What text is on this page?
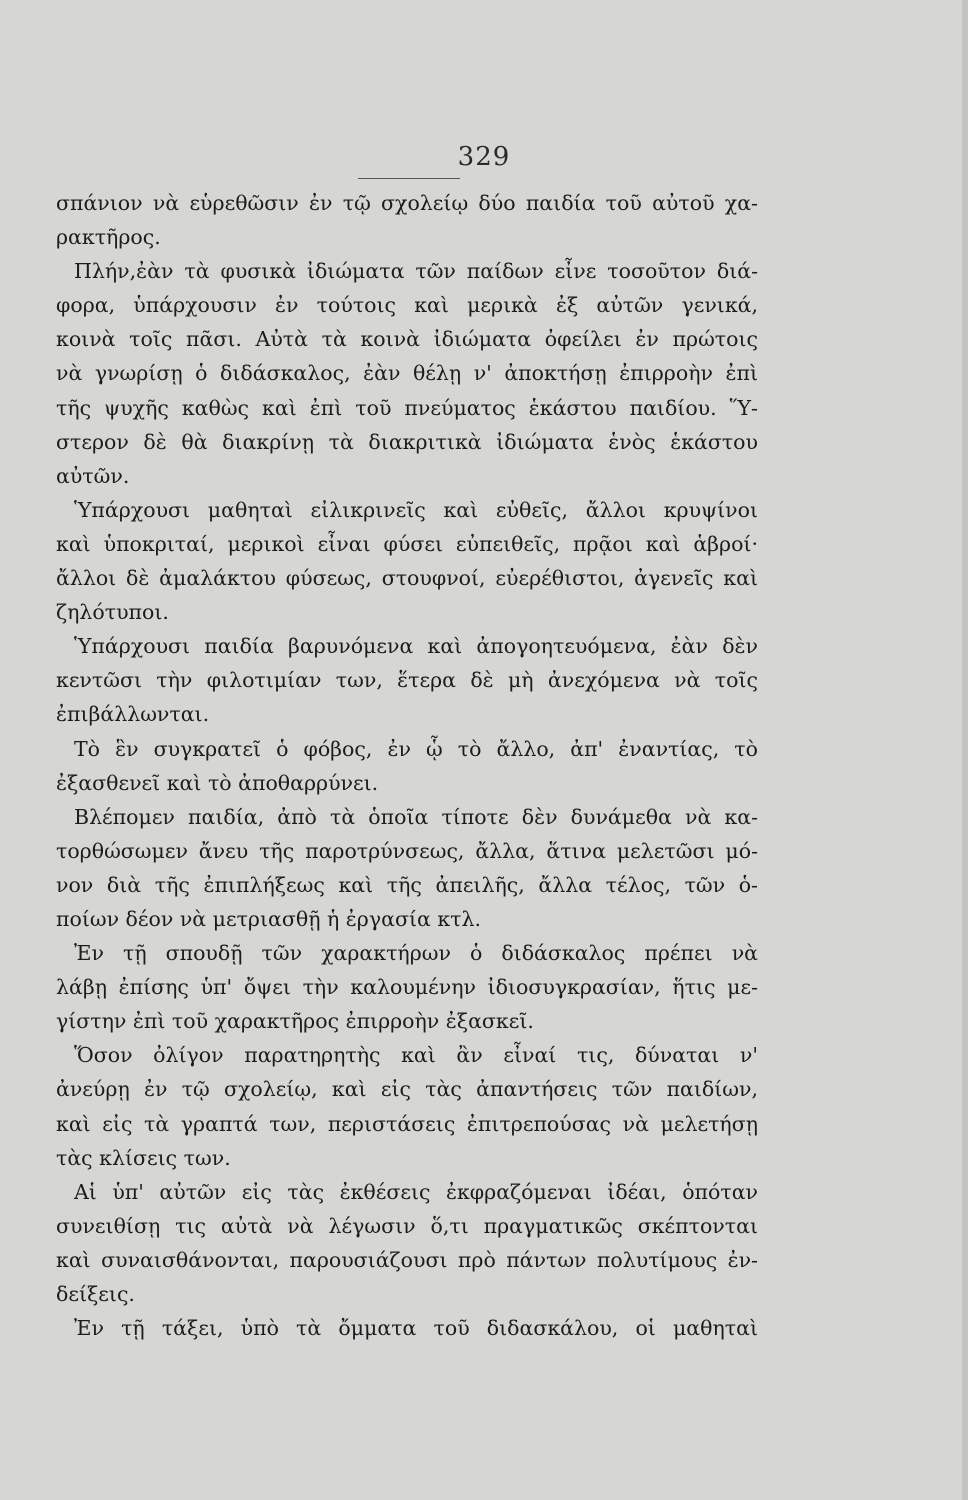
329
σπάνιον νὰ εὑρεθῶσιν ἐν τῷ σχολείῳ δύο παιδία τοῦ αὐτοῦ χα-
ρακτῆρος.
Πλήν,ἐὰν τὰ φυσικὰ ἰδιώματα τῶν παίδων εἶνε τοσοῦτον διά-
φορα, ὑπάρχουσιν ἐν τούτοις καὶ μερικὰ ἐξ αὐτῶν γενικά,
κοινὰ τοῖς πᾶσι. Αὐτὰ τὰ κοινὰ ἰδιώματα ὀφείλει ἐν πρώτοις
νὰ γνωρίσῃ ὁ διδάσκαλος, ἐὰν θέλῃ ν' ἀποκτήσῃ ἐπιρροὴν ἐπὶ
τῆς ψυχῆς καθὼς καὶ ἐπὶ τοῦ πνεύματος ἑκάστου παιδίου. Ὕ-
στερον δὲ θὰ διακρίνῃ τὰ διακριτικὰ ἰδιώματα ἑνὸς ἑκάστου
αὐτῶν.
Ὑπάρχουσι μαθηταὶ εἰλικρινεῖς καὶ εὐθεῖς, ἄλλοι κρυψίνοι
καὶ ὑποκριταί, μερικοὶ εἶναι φύσει εὐπειθεῖς, πρᾷοι καὶ ἁβροί·
ἄλλοι δὲ ἀμαλάκτου φύσεως, στουφνοί, εὐερέθιστοι, ἀγενεῖς καὶ
ζηλότυποι.
Ὑπάρχουσι παιδία βαρυνόμενα καὶ ἀπογοητευόμενα, ἐὰν δὲν
κεντῶσι τὴν φιλοτιμίαν των, ἕτερα δὲ μὴ ἀνεχόμενα νὰ τοῖς
ἐπιβάλλωνται.
Τὸ ἓν συγκρατεῖ ὁ φόβος, ἐν ᾧ τὸ ἄλλο, ἀπ' ἐναντίας, τὸ
ἐξασθενεῖ καὶ τὸ ἀποθαρρύνει.
Βλέπομεν παιδία, ἀπὸ τὰ ὁποῖα τίποτε δὲν δυνάμεθα νὰ κα-
τορθώσωμεν ἄνευ τῆς παροτρύνσεως, ἄλλα, ἅτινα μελετῶσι μό-
νον διὰ τῆς ἐπιπλήξεως καὶ τῆς ἀπειλῆς, ἄλλα τέλος, τῶν ὁ-
ποίων δέον νὰ μετριασθῇ ἡ ἐργασία κτλ.
Ἐν τῇ σπουδῇ τῶν χαρακτήρων ὁ διδάσκαλος πρέπει νὰ
λάβῃ ἐπίσης ὑπ' ὄψει τὴν καλουμένην ἰδιοσυγκρασίαν, ἥτις με-
γίστην ἐπὶ τοῦ χαρακτῆρος ἐπιρροὴν ἐξασκεῖ.
Ὅσον ὀλίγον παρατηρητὴς καὶ ἂν εἶναί τις, δύναται ν'
ἀνεύρῃ ἐν τῷ σχολείῳ, καὶ εἰς τὰς ἀπαντήσεις τῶν παιδίων,
καὶ εἰς τὰ γραπτά των, περιστάσεις ἐπιτρεπούσας νὰ μελετήσῃ
τὰς κλίσεις των.
Αἱ ὑπ' αὐτῶν εἰς τὰς ἐκθέσεις ἐκφραζόμεναι ἰδέαι, ὁπόταν
συνειθίσῃ τις αὐτὰ νὰ λέγωσιν ὅ,τι πραγματικῶς σκέπτονται
καὶ συναισθάνονται, παρουσιάζουσι πρὸ πάντων πολυτίμους ἐν-
δείξεις.
Ἐν τῇ τάξει, ὑπὸ τὰ ὄμματα τοῦ διδασκάλου, οἱ μαθηταὶ
